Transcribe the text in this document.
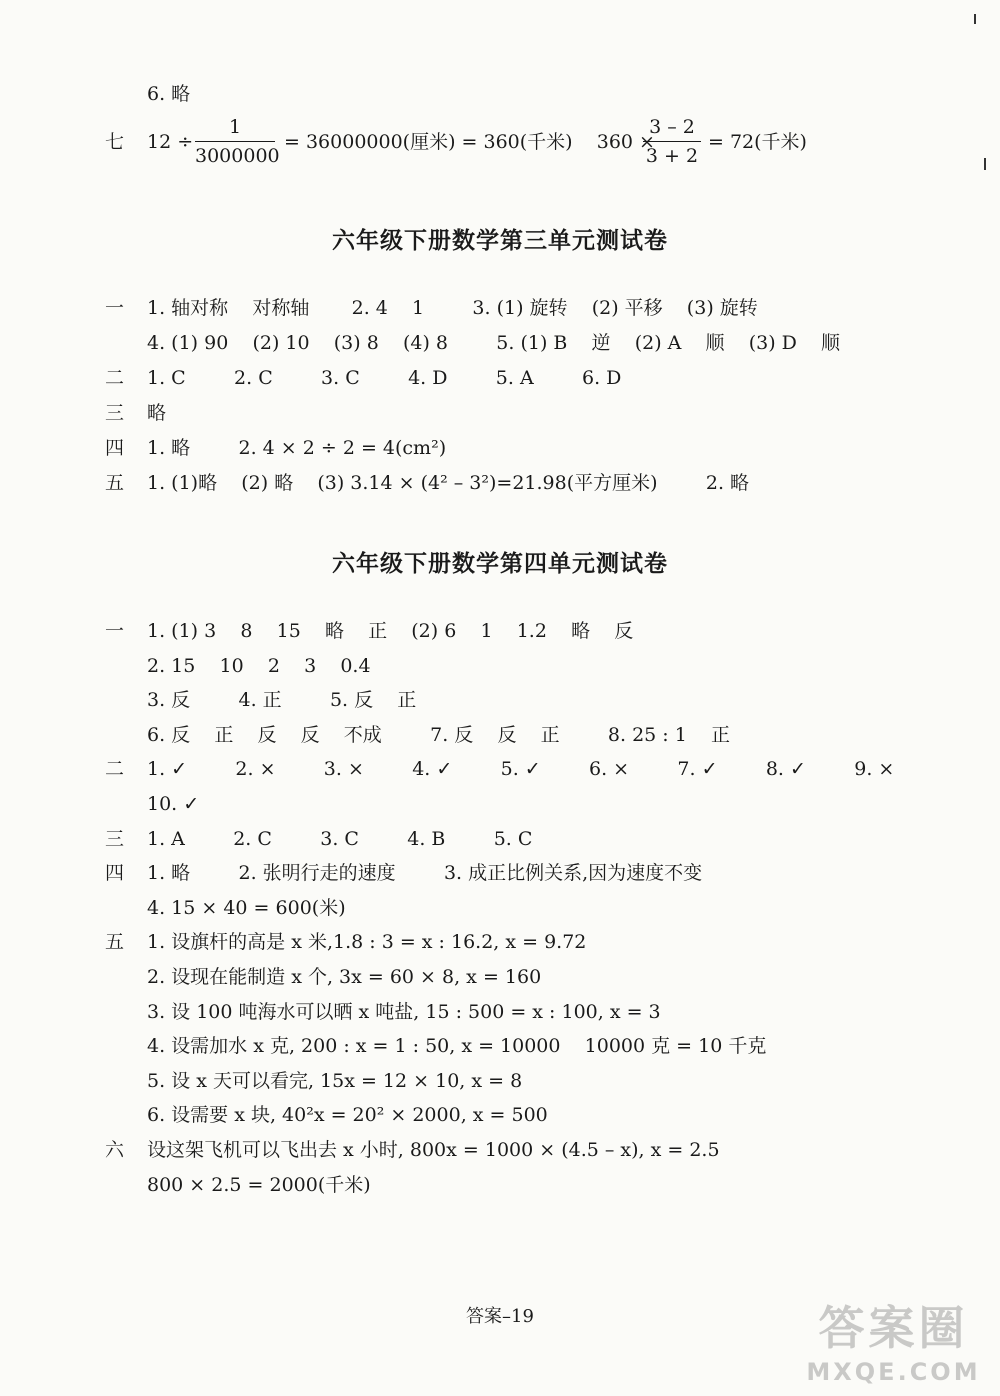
6. 略
七 12 ÷
1
3000000
= 36000000(厘米) = 360(千米)    360 ×
3 – 2
3 + 2
= 72(千米)
六年级下册数学第三单元测试卷
一 1. 轴对称    对称轴       2. 4    1        3. (1) 旋转    (2) 平移    (3) 旋转
4. (1) 90    (2) 10    (3) 8    (4) 8        5. (1) B    逆    (2) A    顺    (3) D    顺
二 1. C        2. C        3. C        4. D        5. A        6. D
三 略
四 1. 略        2. 4 × 2 ÷ 2 = 4(cm²)
五 1. (1)略    (2) 略    (3) 3.14 × (4² – 3²)=21.98(平方厘米)        2. 略
六年级下册数学第四单元测试卷
一 1. (1) 3    8    15    略    正    (2) 6    1    1.2    略    反
2. 15    10    2    3    0.4
3. 反        4. 正        5. 反    正
6. 反    正    反    反    不成        7. 反    反    正        8. 25 : 1    正
二 1. ✓        2. ×        3. ×        4. ✓        5. ✓        6. ×        7. ✓        8. ✓        9. ×
10. ✓
三 1. A        2. C        3. C        4. B        5. C
四 1. 略        2. 张明行走的速度        3. 成正比例关系,因为速度不变
4. 15 × 40 = 600(米)
五 1. 设旗杆的高是 x 米,1.8 : 3 = x : 16.2, x = 9.72
2. 设现在能制造 x 个, 3x = 60 × 8, x = 160
3. 设 100 吨海水可以晒 x 吨盐, 15 : 500 = x : 100, x = 3
4. 设需加水 x 克, 200 : x = 1 : 50, x = 10000    10000 克 = 10 千克
5. 设 x 天可以看完, 15x = 12 × 10, x = 8
6. 设需要 x 块, 40²x = 20² × 2000, x = 500
六 设这架飞机可以飞出去 x 小时, 800x = 1000 × (4.5 – x), x = 2.5
800 × 2.5 = 2000(千米)
答案–19	答案圈
MXQE.COM
